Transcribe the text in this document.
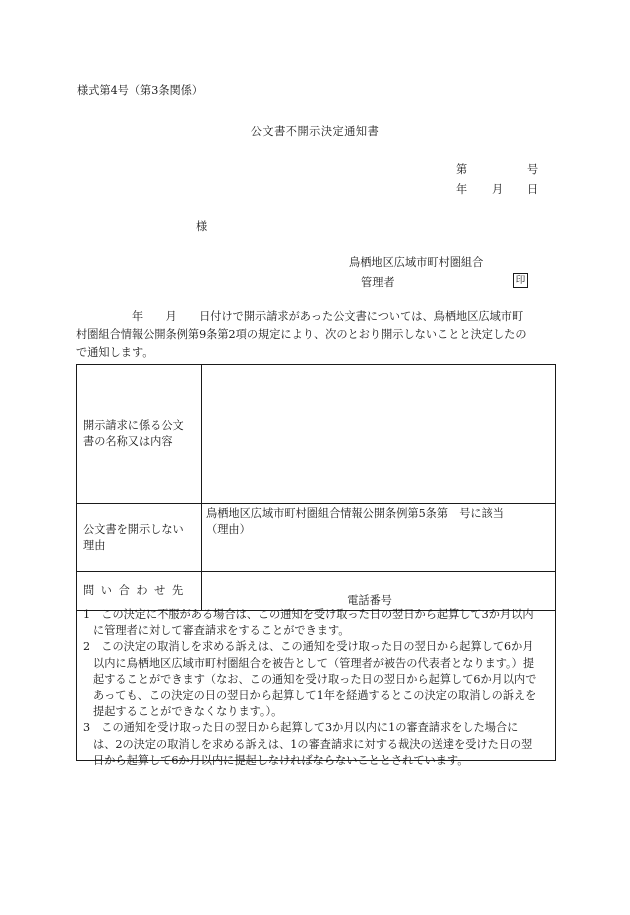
様式第4号（第3条関係）
公文書不開示決定通知書
第	号
年 月 日
様
鳥栖地区広域市町村圏組合
管理者	印
　　　　　年　　月　　日付けで開示請求があった公文書については、鳥栖地区広域市町
村圏組合情報公開条例第9条第2項の規定により、次のとおり開示しないことと決定したの
で通知します。
開示請求に係る公文
書の名称又は内容	

公文書を開示しない
理由	鳥栖地区広域市町村圏組合情報公開条例第5条第　号に該当
（理由）

問い合わせ先	電話番号
1　この決定に不服がある場合は、この通知を受け取った日の翌日から起算して3か月以内
に管理者に対して審査請求をすることができます。
2　この決定の取消しを求める訴えは、この通知を受け取った日の翌日から起算して6か月
以内に鳥栖地区広域市町村圏組合を被告として（管理者が被告の代表者となります。）提
起することができます（なお、この通知を受け取った日の翌日から起算して6か月以内で
あっても、この決定の日の翌日から起算して1年を経過するとこの決定の取消しの訴えを
提起することができなくなります。）。
3　この通知を受け取った日の翌日から起算して3か月以内に1の審査請求をした場合に
は、2の決定の取消しを求める訴えは、1の審査請求に対する裁決の送達を受けた日の翌
日から起算して6か月以内に提起しなければならないこととされています。
